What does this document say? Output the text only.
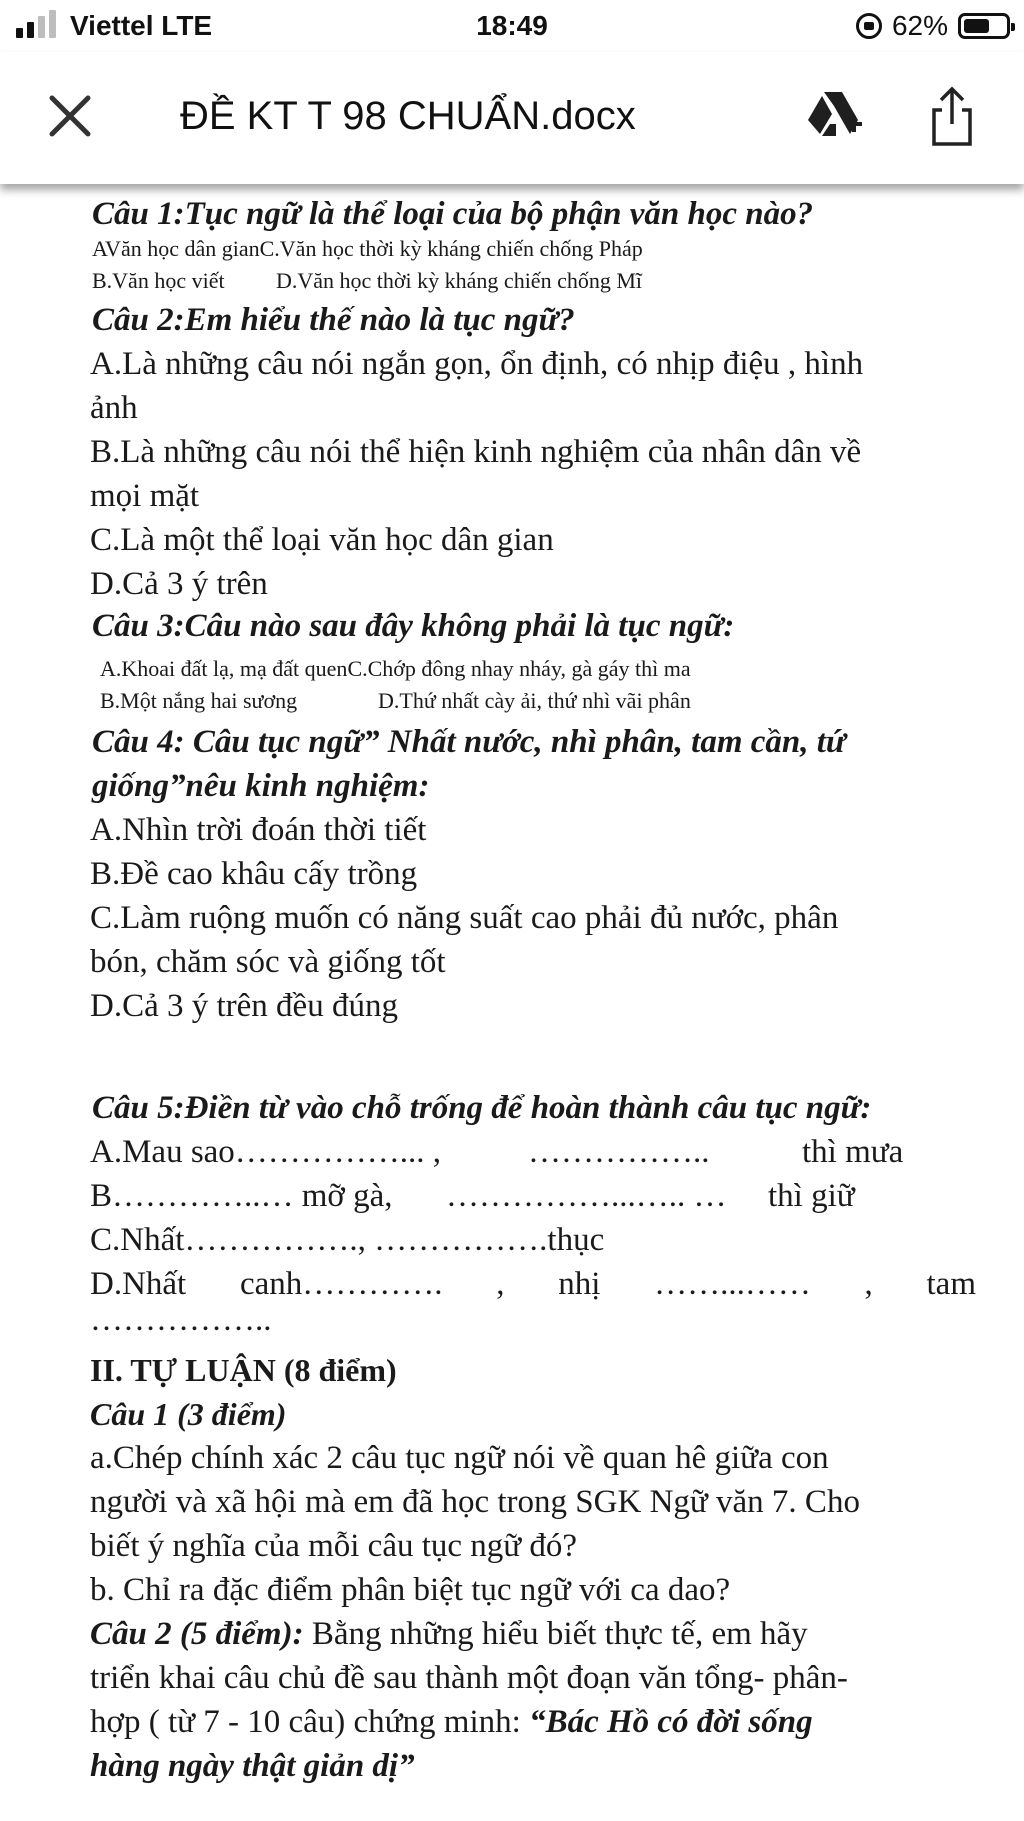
Viettel LTE	18:49	62%
ĐỀ KT T 98 CHUẨN.docx
Câu 1:Tục ngữ là thể loại của bộ phận văn học nào?
AVăn học dân gianC.Văn học thời kỳ kháng chiến chống Pháp
B.Văn học viết D.Văn học thời kỳ kháng chiến chống Mĩ
Câu 2:Em hiểu thế nào là tục ngữ?
A.Là những câu nói ngắn gọn, ổn định, có nhịp điệu , hình
ảnh
B.Là những câu nói thể hiện kinh nghiệm của nhân dân về
mọi mặt
C.Là một thể loại văn học dân gian
D.Cả 3 ý trên
Câu 3:Câu nào sau đây không phải là tục ngữ:
A.Khoai đất lạ, mạ đất quenC.Chớp đông nhay nháy, gà gáy thì ma
B.Một nắng hai sương	D.Thứ nhất cày ải, thứ nhì vãi phân
Câu 4: Câu tục ngữ” Nhất nước, nhì phân, tam cần, tứ
giống”nêu kinh nghiệm:
A.Nhìn trời đoán thời tiết
B.Đề cao khâu cấy trồng
C.Làm ruộng muốn có năng suất cao phải đủ nước, phân
bón, chăm sóc và giống tốt
D.Cả 3 ý trên đều đúng
Câu 5:Điền từ vào chỗ trống để hoàn thành câu tục ngữ:
A.Mau sao……………... ,	……………..	thì mưa
B…………..… mỡ gà, ……………...….. … thì giữ
C.Nhất……………., …………….thục
D.Nhất canh…………. , nhị ……...…… , tam
……………..
II. TỰ LUẬN (8 điểm)
Câu 1 (3 điểm)
a.Chép chính xác 2 câu tục ngữ nói về quan hê giữa con
người và xã hội mà em đã học trong SGK Ngữ văn 7. Cho
biết ý nghĩa của mỗi câu tục ngữ đó?
b. Chỉ ra đặc điểm phân biệt tục ngữ với ca dao?
Câu 2 (5 điểm): Bằng những hiểu biết thực tế, em hãy
triển khai câu chủ đề sau thành một đoạn văn tổng- phân-
hợp ( từ 7 - 10 câu) chứng minh: “Bác Hồ có đời sống
hàng ngày thật giản dị”
